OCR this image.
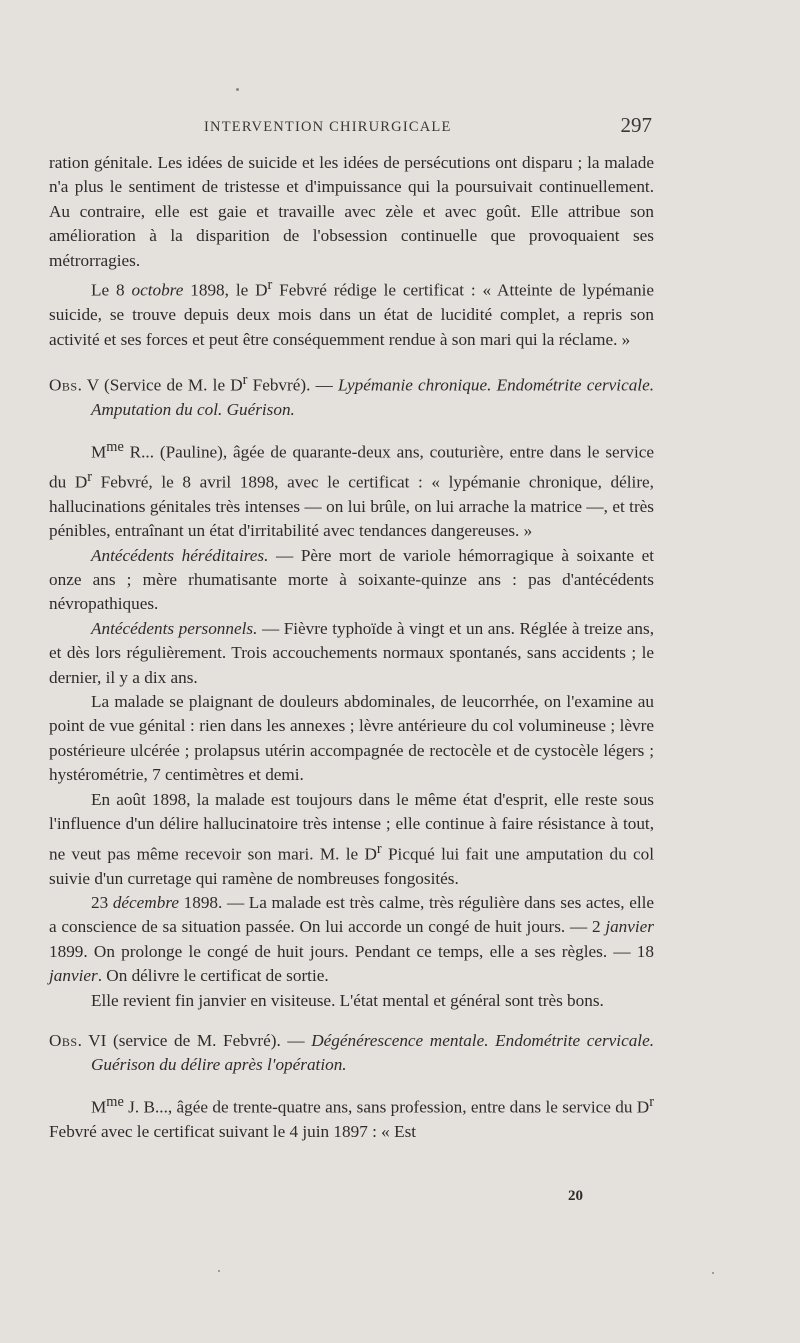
INTERVENTION CHIRURGICALE	297

ration génitale. Les idées de suicide et les idées de persécutions ont disparu ; la malade n'a plus le sentiment de tristesse et d'impuissance qui la poursuivait continuellement. Au contraire, elle est gaie et travaille avec zèle et avec goût. Elle attribue son amélioration à la disparition de l'obsession continuelle que provoquaient ses métrorragies.

Le 8 octobre 1898, le $D^r$ Febvré rédige le certificat : « Atteinte de lypémanie suicide, se trouve depuis deux mois dans un état de lucidité complet, a repris son activité et ses forces et peut être conséquemment rendue à son mari qui la réclame. »

Obs. V (Service de M. le $D^r$ Febvré). — Lypémanie chronique. Endométrite cervicale. Amputation du col. Guérison.

$M^{me}$ R... (Pauline), âgée de quarante-deux ans, couturière, entre dans le service du $D^r$ Febvré, le 8 avril 1898, avec le certificat : « lypémanie chronique, délire, hallucinations génitales très intenses — on lui brûle, on lui arrache la matrice —, et très pénibles, entraînant un état d'irritabilité avec tendances dangereuses. »

Antécédents héréditaires. — Père mort de variole hémorragique à soixante et onze ans ; mère rhumatisante morte à soixante-quinze ans : pas d'antécédents névropathiques.

Antécédents personnels. — Fièvre typhoïde à vingt et un ans. Réglée à treize ans, et dès lors régulièrement. Trois accouchements normaux spontanés, sans accidents ; le dernier, il y a dix ans.

La malade se plaignant de douleurs abdominales, de leucorrhée, on l'examine au point de vue génital : rien dans les annexes ; lèvre antérieure du col volumineuse ; lèvre postérieure ulcérée ; prolapsus utérin accompagnée de rectocèle et de cystocèle légers ; hystérométrie, 7 centimètres et demi.

En août 1898, la malade est toujours dans le même état d'esprit, elle reste sous l'influence d'un délire hallucinatoire très intense ; elle continue à faire résistance à tout, ne veut pas même recevoir son mari. M. le $D^r$ Picqué lui fait une amputation du col suivie d'un curretage qui ramène de nombreuses fongosités.

23 décembre 1898. — La malade est très calme, très régulière dans ses actes, elle a conscience de sa situation passée. On lui accorde un congé de huit jours. — 2 janvier 1899. On prolonge le congé de huit jours. Pendant ce temps, elle a ses règles. — 18 janvier. On délivre le certificat de sortie.

Elle revient fin janvier en visiteuse. L'état mental et général sont très bons.

Obs. VI (service de M. Febvré). — Dégénérescence mentale. Endométrite cervicale. Guérison du délire après l'opération.

$M^{me}$ J. B..., âgée de trente-quatre ans, sans profession, entre dans le service du $D^r$ Febvré avec le certificat suivant le 4 juin 1897 : « Est

20
